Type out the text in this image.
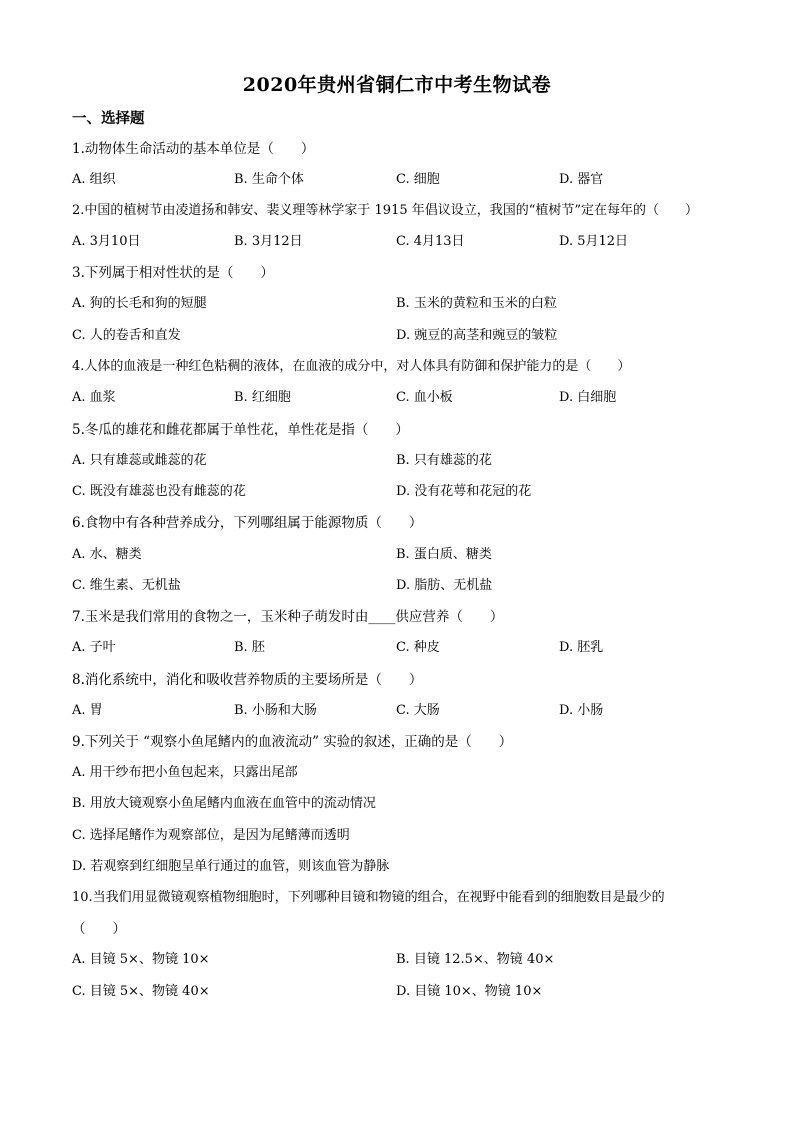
2020年贵州省铜仁市中考生物试卷
一、选择题
1.动物体生命活动的基本单位是（　　）
A. 组织	B. 生命个体	C. 细胞	D. 器官
2.中国的植树节由凌道扬和韩安、裴义理等林学家于 1915 年倡议设立，我国的“植树节”定在每年的（　　）
A. 3月10日	B. 3月12日	C. 4月13日	D. 5月12日
3.下列属于相对性状的是（　　）
A. 狗的长毛和狗的短腿	B. 玉米的黄粒和玉米的白粒
C. 人的卷舌和直发	D. 豌豆的高茎和豌豆的皱粒
4.人体的血液是一种红色粘稠的液体，在血液的成分中，对人体具有防御和保护能力的是（　　）
A. 血浆	B. 红细胞	C. 血小板	D. 白细胞
5.冬瓜的雄花和雌花都属于单性花，单性花是指（　　）
A. 只有雄蕊或雌蕊的花	B. 只有雄蕊的花
C. 既没有雄蕊也没有雌蕊的花	D. 没有花萼和花冠的花
6.食物中有各种营养成分，下列哪组属于能源物质（　　）
A. 水、糖类	B. 蛋白质、糖类
C. 维生素、无机盐	D. 脂肪、无机盐
7.玉米是我们常用的食物之一，玉米种子萌发时由____供应营养（　　）
A. 子叶	B. 胚	C. 种皮	D. 胚乳
8.消化系统中，消化和吸收营养物质的主要场所是（　　）
A. 胃	B. 小肠和大肠	C. 大肠	D. 小肠
9.下列关于 “观察小鱼尾鳍内的血液流动” 实验的叙述，正确的是（　　）
A. 用干纱布把小鱼包起来，只露出尾部
B. 用放大镜观察小鱼尾鳍内血液在血管中的流动情况
C. 选择尾鳍作为观察部位，是因为尾鳍薄而透明
D. 若观察到红细胞呈单行通过的血管，则该血管为静脉
10.当我们用显微镜观察植物细胞时，下列哪种目镜和物镜的组合，在视野中能看到的细胞数目是最少的
（　　）
A. 目镜 5×、物镜 10×	B. 目镜 12.5×、物镜 40×
C. 目镜 5×、物镜 40×	D. 目镜 10×、物镜 10×
